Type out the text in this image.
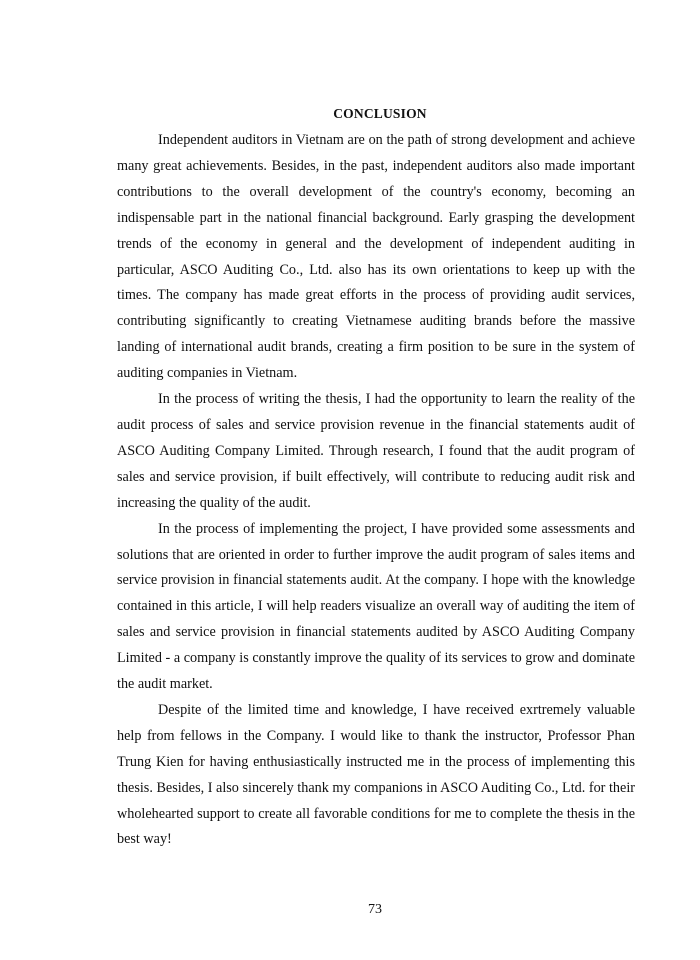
CONCLUSION

Independent auditors in Vietnam are on the path of strong development and achieve many great achievements. Besides, in the past, independent auditors also made important contributions to the overall development of the country's economy, becoming an indispensable part in the national financial background. Early grasping the development trends of the economy in general and the development of independent auditing in particular, ASCO Auditing Co., Ltd. also has its own orientations to keep up with the times. The company has made great efforts in the process of providing audit services, contributing significantly to creating Vietnamese auditing brands before the massive landing of international audit brands, creating a firm position to be sure in the system of auditing companies in Vietnam.

In the process of writing the thesis, I had the opportunity to learn the reality of the audit process of sales and service provision revenue in the financial statements audit of ASCO Auditing Company Limited. Through research, I found that the audit program of sales and service provision, if built effectively, will contribute to reducing audit risk and increasing the quality of the audit.

In the process of implementing the project, I have provided some assessments and solutions that are oriented in order to further improve the audit program of sales items and service provision in financial statements audit. At the company. I hope with the knowledge contained in this article, I will help readers visualize an overall way of auditing the item of sales and service provision in financial statements audited by ASCO Auditing Company Limited - a company is constantly improve the quality of its services to grow and dominate the audit market.

Despite of the limited time and knowledge, I have received exrtremely valuable help from fellows in the Company. I would like to thank the instructor, Professor Phan Trung Kien for having enthusiastically instructed me in the process of implementing this thesis. Besides, I also sincerely thank my companions in ASCO Auditing Co., Ltd. for their wholehearted support to create all favorable conditions for me to complete the thesis in the best way!

73
